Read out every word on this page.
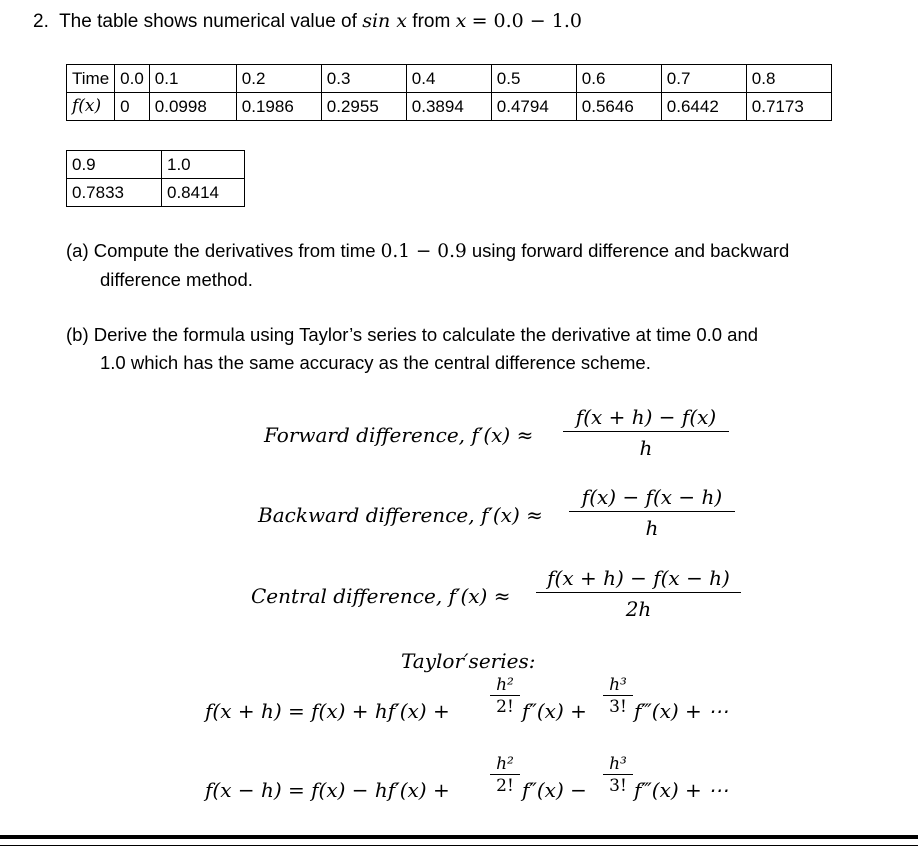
2. The table shows numerical value of sin x from x = 0.0 − 1.0
Time	0.0	0.1	0.2	0.3	0.4	0.5	0.6	0.7	0.8
f(x)	0	0.0998	0.1986	0.2955	0.3894	0.4794	0.5646	0.6442	0.7173
0.9	1.0
0.7833	0.8414
(a) Compute the derivatives from time 0.1 − 0.9 using forward difference and backward
difference method.
(b) Derive the formula using Taylor’s series to calculate the derivative at time 0.0 and
1.0 which has the same accuracy as the central difference scheme.
Forward difference, $f'(x) \approx \frac{f(x + h) - f(x)}{h}$
Backward difference, $f'(x) \approx \frac{f(x) - f(x - h)}{h}$
Central difference, $f'(x) \approx \frac{f(x + h) - f(x - h)}{2h}$
Taylor′series:
$f(x + h) = f(x) + hf'(x) + \frac{\text{h²}}{2!} f''(x) + \frac{\text{h³}}{3!}$ f‴(x) + ⋯
$f(x - h) = f(x) - hf'(x) + \frac{\text{h²}}{2!} f''(x) - \frac{\text{h³}}{3!}$ f‴(x) + ⋯
